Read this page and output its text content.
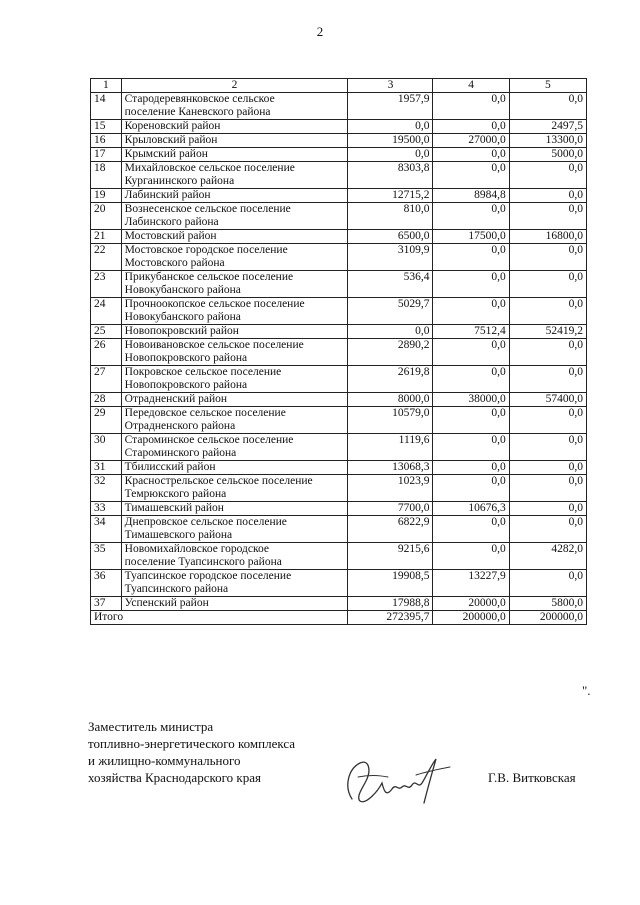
2
1	2	3	4	5
14	Стародеревянковское сельское
поселение Каневского района	1957,9	0,0	0,0
15	Кореновский район	0,0	0,0	2497,5
16	Крыловский район	19500,0	27000,0	13300,0
17	Крымский район	0,0	0,0	5000,0
18	Михайловское сельское поселение
Курганинского района	8303,8	0,0	0,0
19	Лабинский район	12715,2	8984,8	0,0
20	Вознесенское сельское поселение
Лабинского района	810,0	0,0	0,0
21	Мостовский район	6500,0	17500,0	16800,0
22	Мостовское городское поселение
Мостовского района	3109,9	0,0	0,0
23	Прикубанское сельское поселение
Новокубанского района	536,4	0,0	0,0
24	Прочноокопское сельское поселение
Новокубанского района	5029,7	0,0	0,0
25	Новопокровский район	0,0	7512,4	52419,2
26	Новоивановское сельское поселение
Новопокровского района	2890,2	0,0	0,0
27	Покровское сельское поселение
Новопокровского района	2619,8	0,0	0,0
28	Отрадненский район	8000,0	38000,0	57400,0
29	Передовское сельское поселение
Отрадненского района	10579,0	0,0	0,0
30	Староминское сельское поселение
Староминского района	1119,6	0,0	0,0
31	Тбилисский район	13068,3	0,0	0,0
32	Краснострельское сельское поселение
Темрюкского района	1023,9	0,0	0,0
33	Тимашевский район	7700,0	10676,3	0,0
34	Днепровское сельское поселение
Тимашевского района	6822,9	0,0	0,0
35	Новомихайловское городское
поселение Туапсинского района	9215,6	0,0	4282,0
36	Туапсинское городское поселение
Туапсинского района	19908,5	13227,9	0,0
37	Успенский район	17988,8	20000,0	5800,0
Итого		272395,7	200000,0	200000,0
".
Заместитель министра
топливно-энергетического комплекса
и жилищно-коммунального
хозяйства Краснодарского края	Г.В. Витковская
